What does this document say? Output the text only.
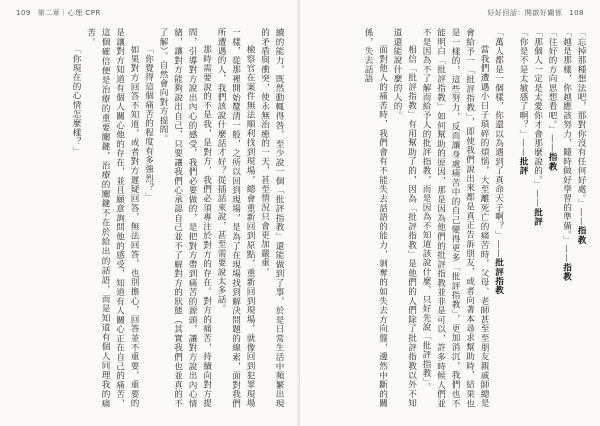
109 第二章｜心理 CPR

續的能力，既然動輒得咎，至少說一個「批評指教」還能做到了事，於是日常生活中頻繁出現的矛盾與衝突，使永無治癒的一天，甚至情況只會更加嚴重。

檢察官在案件無法順利找到現場，總會重新回到原點，重新回到現場，就像回到犯罪現場一樣，從那裡開始釐清一般，之所以回到現場，是為了在現場找到解決問題的線索，面對我們所遭遇的人，我們該說什麼話才好？從插話來說，甚至需要說太多話。

那時需要說的不是我，是對方，我們必須專注於對方的存在。對方的痛苦，持續向對方提問，引導對方說出內心的感受，我們必要做的，是把對方帶到痛苦的源頭，讓對方說出內心情緒，讓對方能夠說出自己，只要讓我們心承認自己並不了解對方的狀態（其實我們也並真的不了解）。自然會向對方提問。

「你覺得這個痛苦的程度有多強烈？」

如果對方回答不知道，或者對方遲疑回答，無法回答，也別擔心，回答並不重要，重要的是讓對方知道有個人關心他的存在，並且願意詢問他的感受，知道有人關心正在自己的痛苦，這個確信便是治療的重要關鍵，治療的關鍵不在於給出的話語，而是知道有個人同理我的痛苦。

「你現在的心情怎麼樣？」

好好回話：開啟好關係 108

「忘掉那種想法吧，那對你沒有任何好處。」——指教

「越是那樣，你越應該努力，隨時做好學習的準備。」——指教

「往好的方向思想看吧。」——指教

「那個人一定是太愛你才會那麼說的。」——批評

「你是不是太敏感了啊？」——批評

「萬人都是一個樣，你還以為遇到了真命天子啊？」——批評指教

當我們遭遇小日子瑣碎的煩惱，大至離死亡的痛苦時，父母、老師甚至至朋友親戚師總是會給予一「批評指教」，即使我們說出來都是真正告訴朋友，或者向著本尋求幫助時，結果也是一樣的，這些努力，反而讓身處痛苦中的自己變得更多「批評指教」，更加消沉，我們也不能明白「批評指教」如何幫助的原因，那是因為他們的批評指教並非是可以，許多時候人們並不是因為不了解而給予人的批評指教，而是因為不知道該說什麼，只好先說「批評指教」。

相信「批評指教」有用幫助了的，因為「批評指教」是他們的人們除了批評指教以外不知道還能說什麼的人的。

面對他人的痛苦時，我們會有不能失去話語的能力，剝奪的如失去方向盤，邊然中斷的關係，失去話語
